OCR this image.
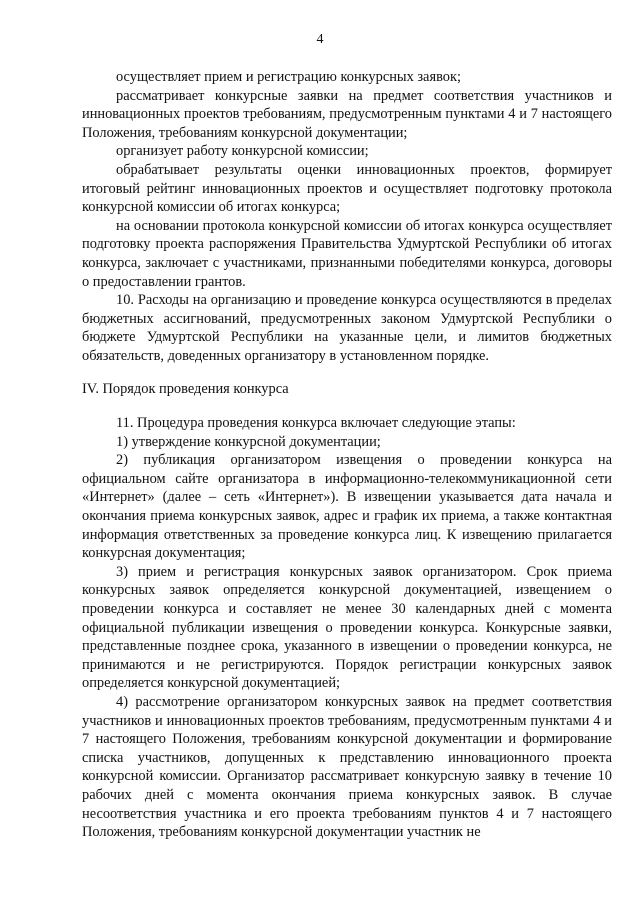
4

осуществляет прием и регистрацию конкурсных заявок;

рассматривает конкурсные заявки на предмет соответствия участников и инновационных проектов требованиям, предусмотренным пунктами 4 и 7 настоящего Положения, требованиям конкурсной документации;

организует работу конкурсной комиссии;

обрабатывает результаты оценки инновационных проектов, формирует итоговый рейтинг инновационных проектов и осуществляет подготовку протокола конкурсной комиссии об итогах конкурса;

на основании протокола конкурсной комиссии об итогах конкурса осуществляет подготовку проекта распоряжения Правительства Удмуртской Республики об итогах конкурса, заключает с участниками, признанными победителями конкурса, договоры о предоставлении грантов.

10. Расходы на организацию и проведение конкурса осуществляются в пределах бюджетных ассигнований, предусмотренных законом Удмуртской Республики о бюджете Удмуртской Республики на указанные цели, и лимитов бюджетных обязательств, доведенных организатору в установленном порядке.

IV. Порядок проведения конкурса

11. Процедура проведения конкурса включает следующие этапы:

1) утверждение конкурсной документации;

2) публикация организатором извещения о проведении конкурса на официальном сайте организатора в информационно-телекоммуникационной сети «Интернет» (далее – сеть «Интернет»). В извещении указывается дата начала и окончания приема конкурсных заявок, адрес и график их приема, а также контактная информация ответственных за проведение конкурса лиц. К извещению прилагается конкурсная документация;

3) прием и регистрация конкурсных заявок организатором. Срок приема конкурсных заявок определяется конкурсной документацией, извещением о проведении конкурса и составляет не менее 30 календарных дней с момента официальной публикации извещения о проведении конкурса. Конкурсные заявки, представленные позднее срока, указанного в извещении о проведении конкурса, не принимаются и не регистрируются. Порядок регистрации конкурсных заявок определяется конкурсной документацией;

4) рассмотрение организатором конкурсных заявок на предмет соответствия участников и инновационных проектов требованиям, предусмотренным пунктами 4 и 7 настоящего Положения, требованиям конкурсной документации и формирование списка участников, допущенных к представлению инновационного проекта конкурсной комиссии. Организатор рассматривает конкурсную заявку в течение 10 рабочих дней с момента окончания приема конкурсных заявок. В случае несоответствия участника и его проекта требованиям пунктов 4 и 7 настоящего Положения, требованиям конкурсной документации участник не
